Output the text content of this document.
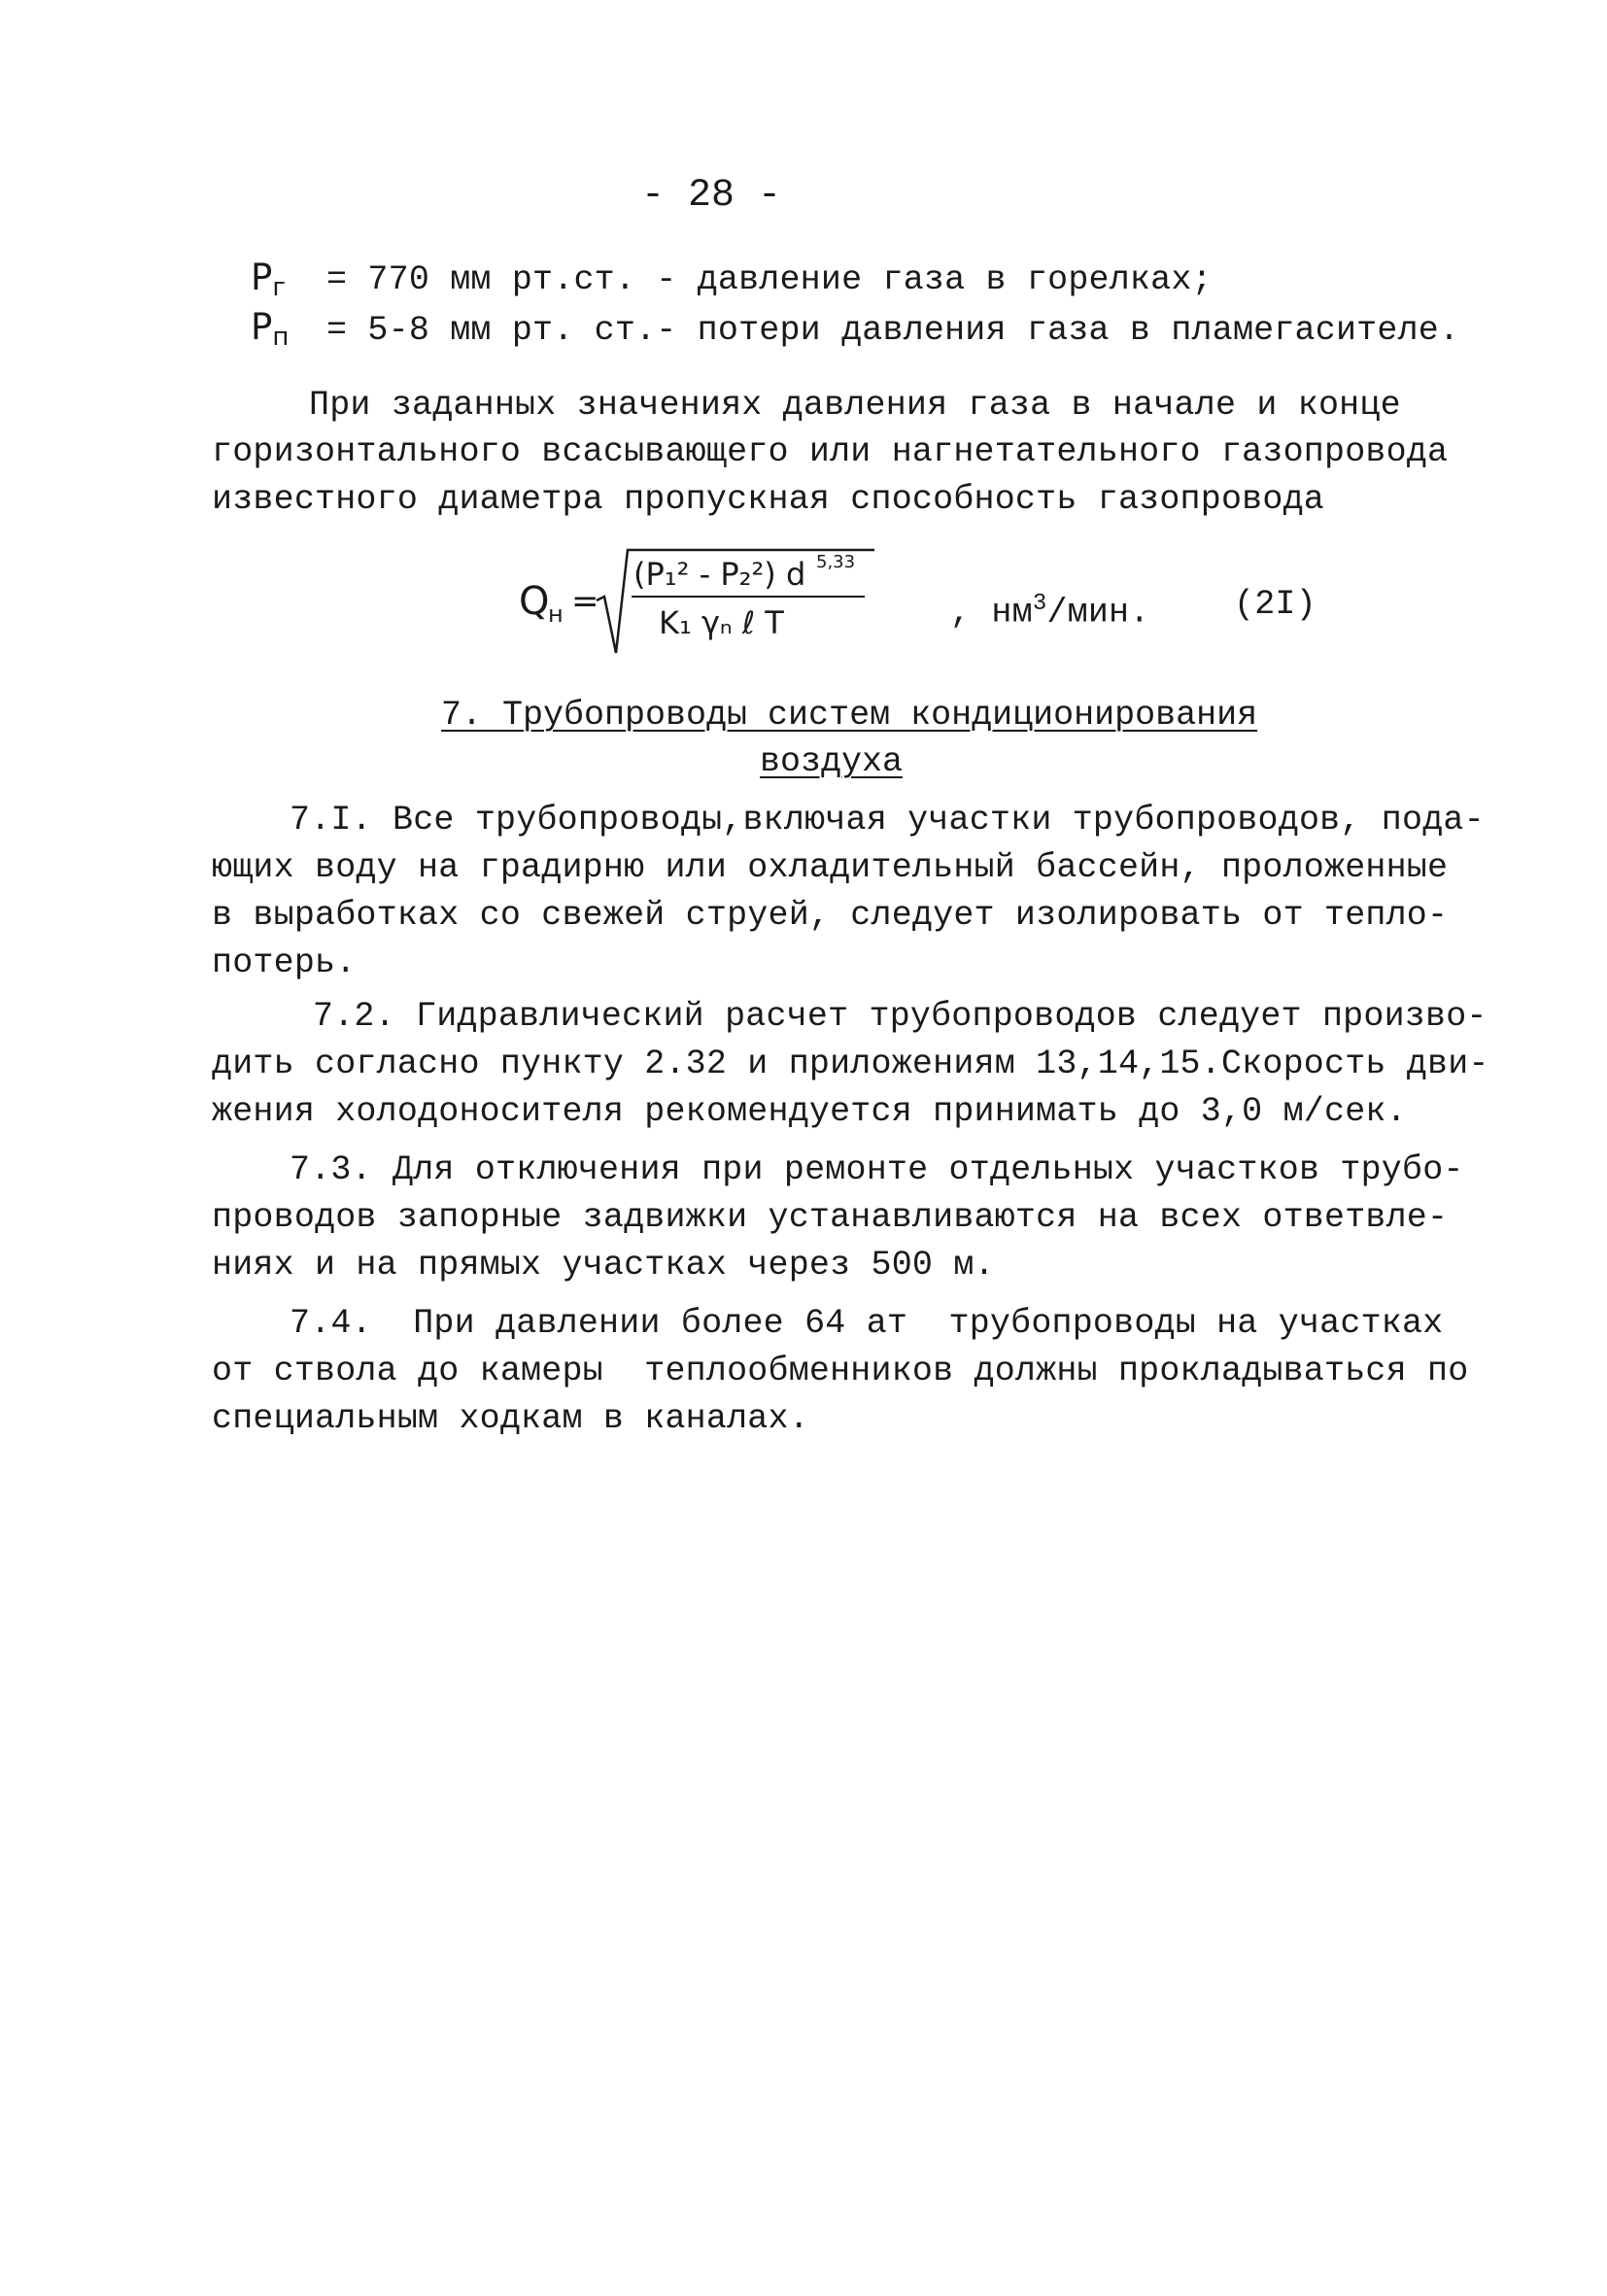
- 28 -
$P_г = 770$ мм рт.ст. - давление газа в горелках;
$P_п = 5-8$ мм рт. ст.- потери давления газа в пламегасителе.
При заданных значениях давления газа в начале и конце
горизонтального всасывающего или нагнетательного газопровода
известного диаметра пропускная способность газопровода
Q
н =
(P₁² - P₂²) d 5,33
K₁ γₙ ℓ T	, $нм^3$/мин. (2I)
7. Трубопроводы систем кондиционирования
воздуха
7.I. Все трубопроводы,включая участки трубопроводов, пода-
ющих воду на градирню или охладительный бассейн, проложенные
в выработках со свежей струей, следует изолировать от тепло-
потерь.
7.2. Гидравлический расчет трубопроводов следует произво-
дить согласно пункту 2.32 и приложениям 13,14,15.Скорость дви-
жения холодоносителя рекомендуется принимать до 3,0 м/сек.
7.3. Для отключения при ремонте отдельных участков трубо-
проводов запорные задвижки устанавливаются на всех ответвле-
ниях и на прямых участках через 500 м.
7.4.  При давлении более 64 ат  трубопроводы на участках
от ствола до камеры  теплообменников должны прокладываться по
специальным ходкам в каналах.
